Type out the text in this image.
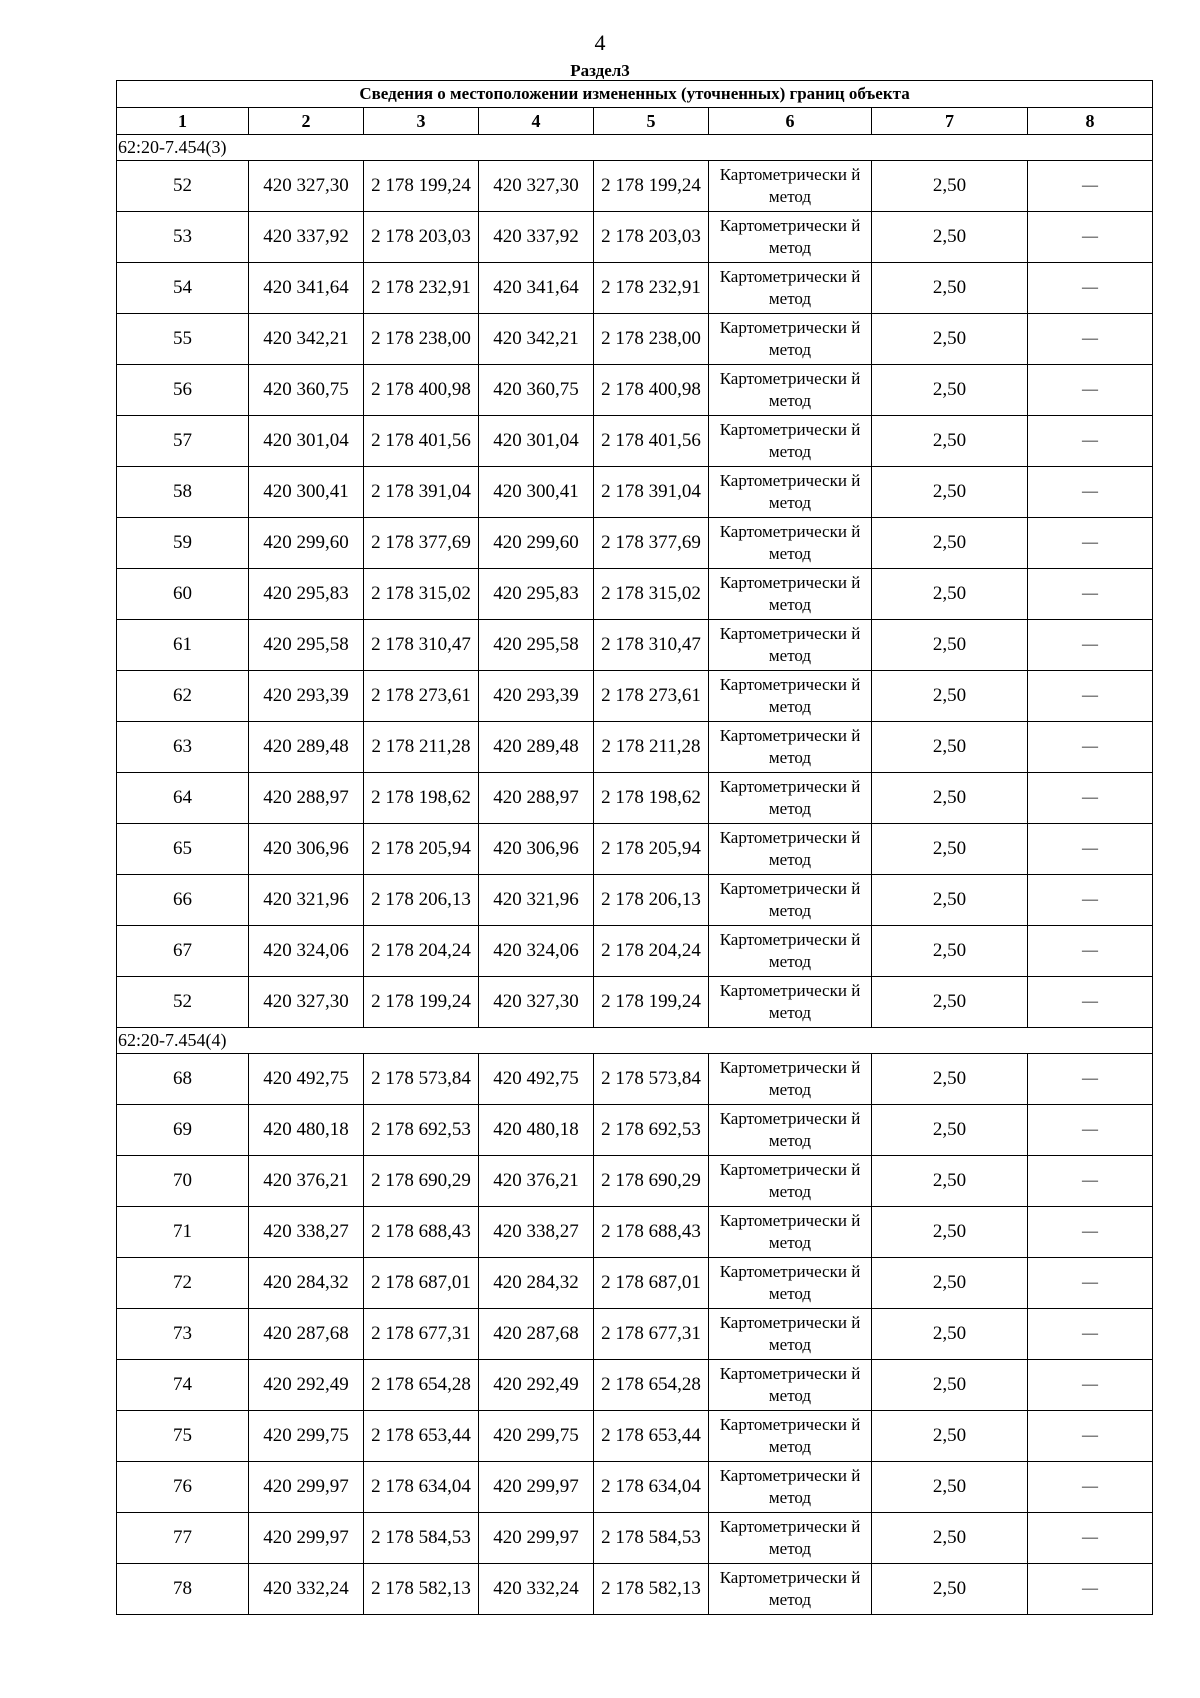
4
Раздел3
Сведения о местоположении измененных (уточненных) границ объекта							
1	2	3	4	5	6	7	8
62:20-7.454(3)							
52	420 327,30	2 178 199,24	420 327,30	2 178 199,24	Картометрически й метод	2,50	—
53	420 337,92	2 178 203,03	420 337,92	2 178 203,03	Картометрически й метод	2,50	—
54	420 341,64	2 178 232,91	420 341,64	2 178 232,91	Картометрически й метод	2,50	—
55	420 342,21	2 178 238,00	420 342,21	2 178 238,00	Картометрически й метод	2,50	—
56	420 360,75	2 178 400,98	420 360,75	2 178 400,98	Картометрически й метод	2,50	—
57	420 301,04	2 178 401,56	420 301,04	2 178 401,56	Картометрически й метод	2,50	—
58	420 300,41	2 178 391,04	420 300,41	2 178 391,04	Картометрически й метод	2,50	—
59	420 299,60	2 178 377,69	420 299,60	2 178 377,69	Картометрически й метод	2,50	—
60	420 295,83	2 178 315,02	420 295,83	2 178 315,02	Картометрически й метод	2,50	—
61	420 295,58	2 178 310,47	420 295,58	2 178 310,47	Картометрически й метод	2,50	—
62	420 293,39	2 178 273,61	420 293,39	2 178 273,61	Картометрически й метод	2,50	—
63	420 289,48	2 178 211,28	420 289,48	2 178 211,28	Картометрически й метод	2,50	—
64	420 288,97	2 178 198,62	420 288,97	2 178 198,62	Картометрически й метод	2,50	—
65	420 306,96	2 178 205,94	420 306,96	2 178 205,94	Картометрически й метод	2,50	—
66	420 321,96	2 178 206,13	420 321,96	2 178 206,13	Картометрически й метод	2,50	—
67	420 324,06	2 178 204,24	420 324,06	2 178 204,24	Картометрически й метод	2,50	—
52	420 327,30	2 178 199,24	420 327,30	2 178 199,24	Картометрически й метод	2,50	—
62:20-7.454(4)							
68	420 492,75	2 178 573,84	420 492,75	2 178 573,84	Картометрически й метод	2,50	—
69	420 480,18	2 178 692,53	420 480,18	2 178 692,53	Картометрически й метод	2,50	—
70	420 376,21	2 178 690,29	420 376,21	2 178 690,29	Картометрически й метод	2,50	—
71	420 338,27	2 178 688,43	420 338,27	2 178 688,43	Картометрически й метод	2,50	—
72	420 284,32	2 178 687,01	420 284,32	2 178 687,01	Картометрически й метод	2,50	—
73	420 287,68	2 178 677,31	420 287,68	2 178 677,31	Картометрически й метод	2,50	—
74	420 292,49	2 178 654,28	420 292,49	2 178 654,28	Картометрически й метод	2,50	—
75	420 299,75	2 178 653,44	420 299,75	2 178 653,44	Картометрически й метод	2,50	—
76	420 299,97	2 178 634,04	420 299,97	2 178 634,04	Картометрически й метод	2,50	—
77	420 299,97	2 178 584,53	420 299,97	2 178 584,53	Картометрически й метод	2,50	—
78	420 332,24	2 178 582,13	420 332,24	2 178 582,13	Картометрически й метод	2,50	—
